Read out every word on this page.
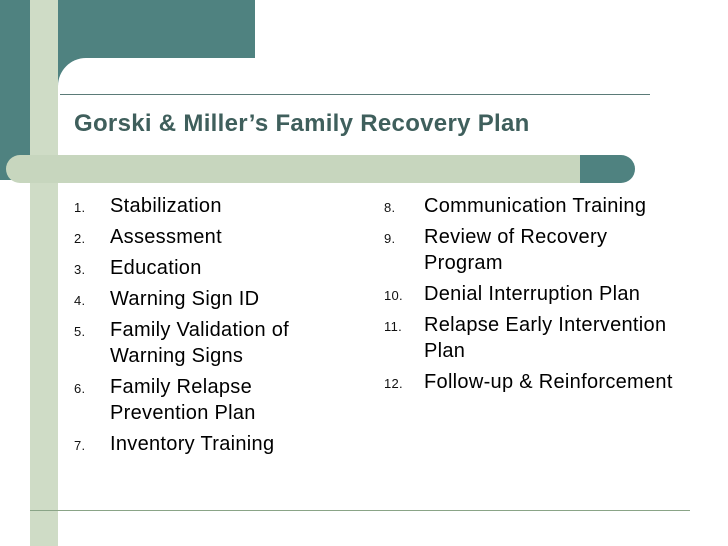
Gorski & Miller’s Family Recovery Plan
1. Stabilization
2. Assessment
3. Education
4. Warning Sign ID
5. Family Validation of Warning Signs
6. Family Relapse Prevention Plan
7. Inventory Training
8. Communication Training
9. Review of Recovery Program
10. Denial Interruption Plan
11. Relapse Early Intervention Plan
12. Follow-up & Reinforcement
